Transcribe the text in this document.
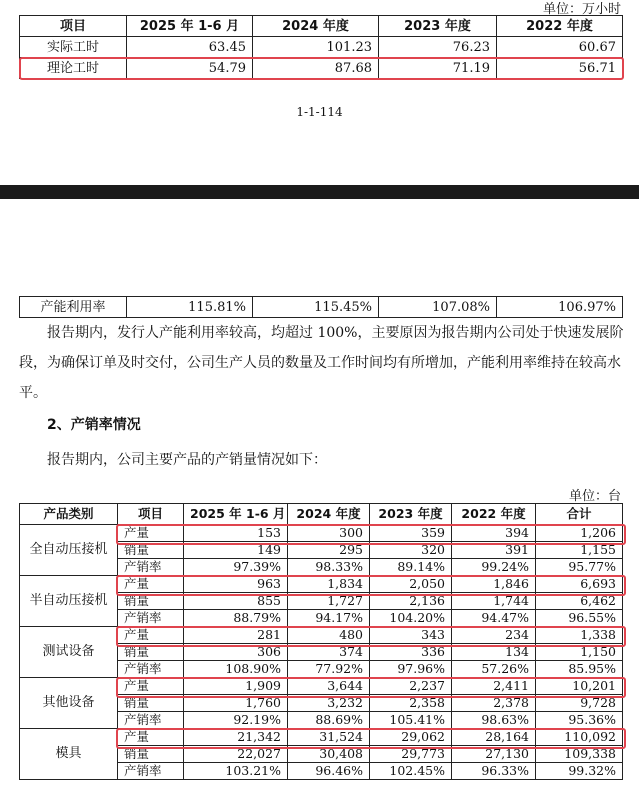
单位：万小时
项目	2025 年 1-6 月	2024 年度	2023 年度	2022 年度
实际工时	63.45	101.23	76.23	60.67
理论工时	54.79	87.68	71.19	56.71
1-1-114
产能利用率	115.81%	115.45%	107.08%	106.97%
报告期内，发行人产能利用率较高，均超过 100%，主要原因为报告期内公司处于快速发展阶
段，为确保订单及时交付，公司生产人员的数量及工作时间均有所增加，产能利用率维持在较高水
平。
2、产销率情况
报告期内，公司主要产品的产销量情况如下：
单位：台
产品类别	项目	2025 年 1-6 月	2024 年度	2023 年度	2022 年度	合计
全自动压接机	产量	153	300	359	394	1,206
	销量	149	295	320	391	1,155
	产销率	97.39%	98.33%	89.14%	99.24%	95.77%
半自动压接机	产量	963	1,834	2,050	1,846	6,693
	销量	855	1,727	2,136	1,744	6,462
	产销率	88.79%	94.17%	104.20%	94.47%	96.55%
测试设备	产量	281	480	343	234	1,338
	销量	306	374	336	134	1,150
	产销率	108.90%	77.92%	97.96%	57.26%	85.95%
其他设备	产量	1,909	3,644	2,237	2,411	10,201
	销量	1,760	3,232	2,358	2,378	9,728
	产销率	92.19%	88.69%	105.41%	98.63%	95.36%
模具	产量	21,342	31,524	29,062	28,164	110,092
	销量	22,027	30,408	29,773	27,130	109,338
	产销率	103.21%	96.46%	102.45%	96.33%	99.32%
